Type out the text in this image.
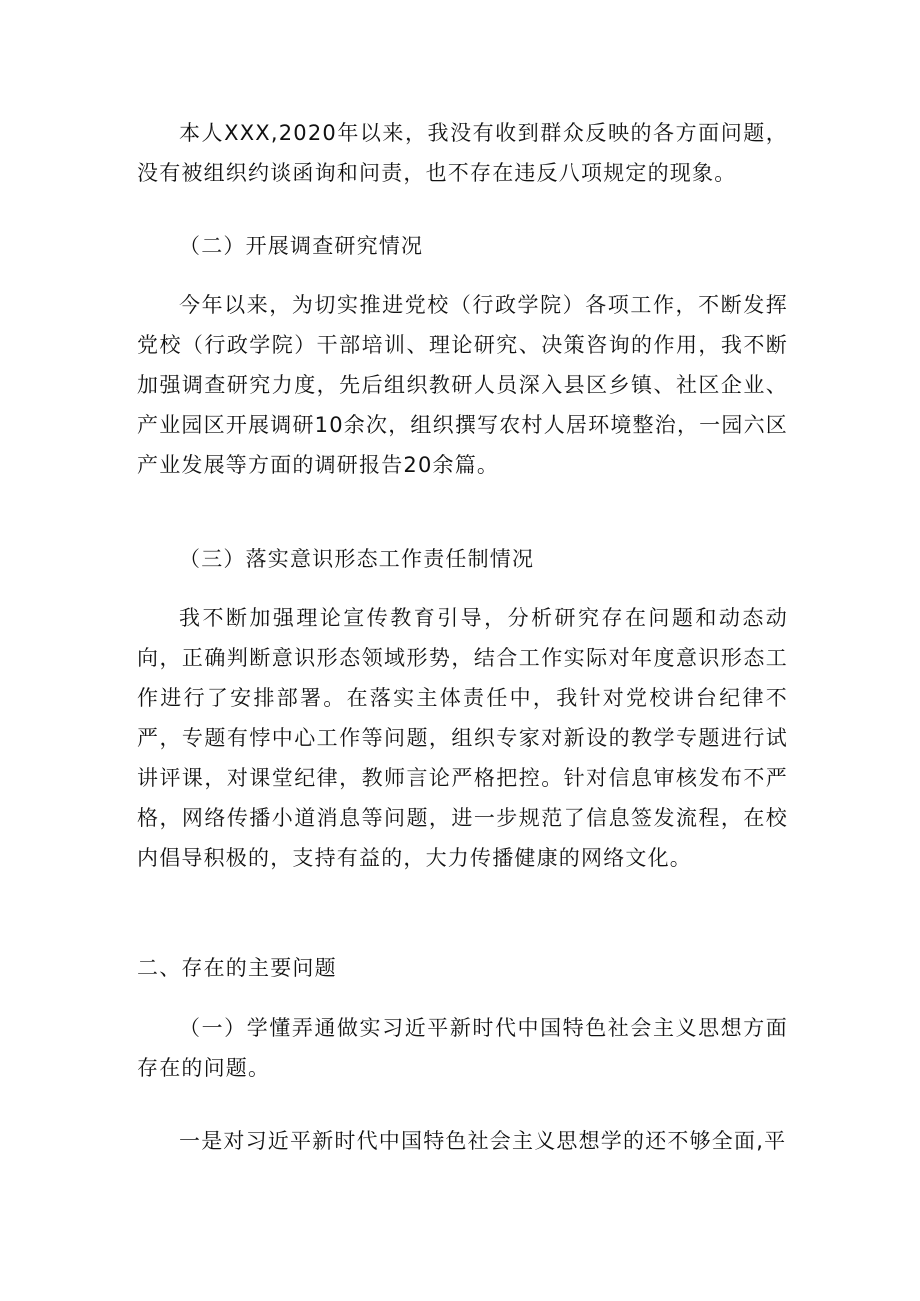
本人XXX,2020年以来，我没有收到群众反映的各方面问题，没有被组织约谈函询和问责，也不存在违反八项规定的现象。

（二）开展调查研究情况

今年以来，为切实推进党校（行政学院）各项工作，不断发挥党校（行政学院）干部培训、理论研究、决策咨询的作用，我不断加强调查研究力度，先后组织教研人员深入县区乡镇、社区企业、产业园区开展调研10余次，组织撰写农村人居环境整治，一园六区产业发展等方面的调研报告20余篇。

（三）落实意识形态工作责任制情况

我不断加强理论宣传教育引导，分析研究存在问题和动态动向，正确判断意识形态领域形势，结合工作实际对年度意识形态工作进行了安排部署。在落实主体责任中，我针对党校讲台纪律不严，专题有悖中心工作等问题，组织专家对新设的教学专题进行试讲评课，对课堂纪律，教师言论严格把控。针对信息审核发布不严格，网络传播小道消息等问题，进一步规范了信息签发流程，在校内倡导积极的，支持有益的，大力传播健康的网络文化。

二、存在的主要问题

（一）学懂弄通做实习近平新时代中国特色社会主义思想方面存在的问题。

一是对习近平新时代中国特色社会主义思想学的还不够全面,平
